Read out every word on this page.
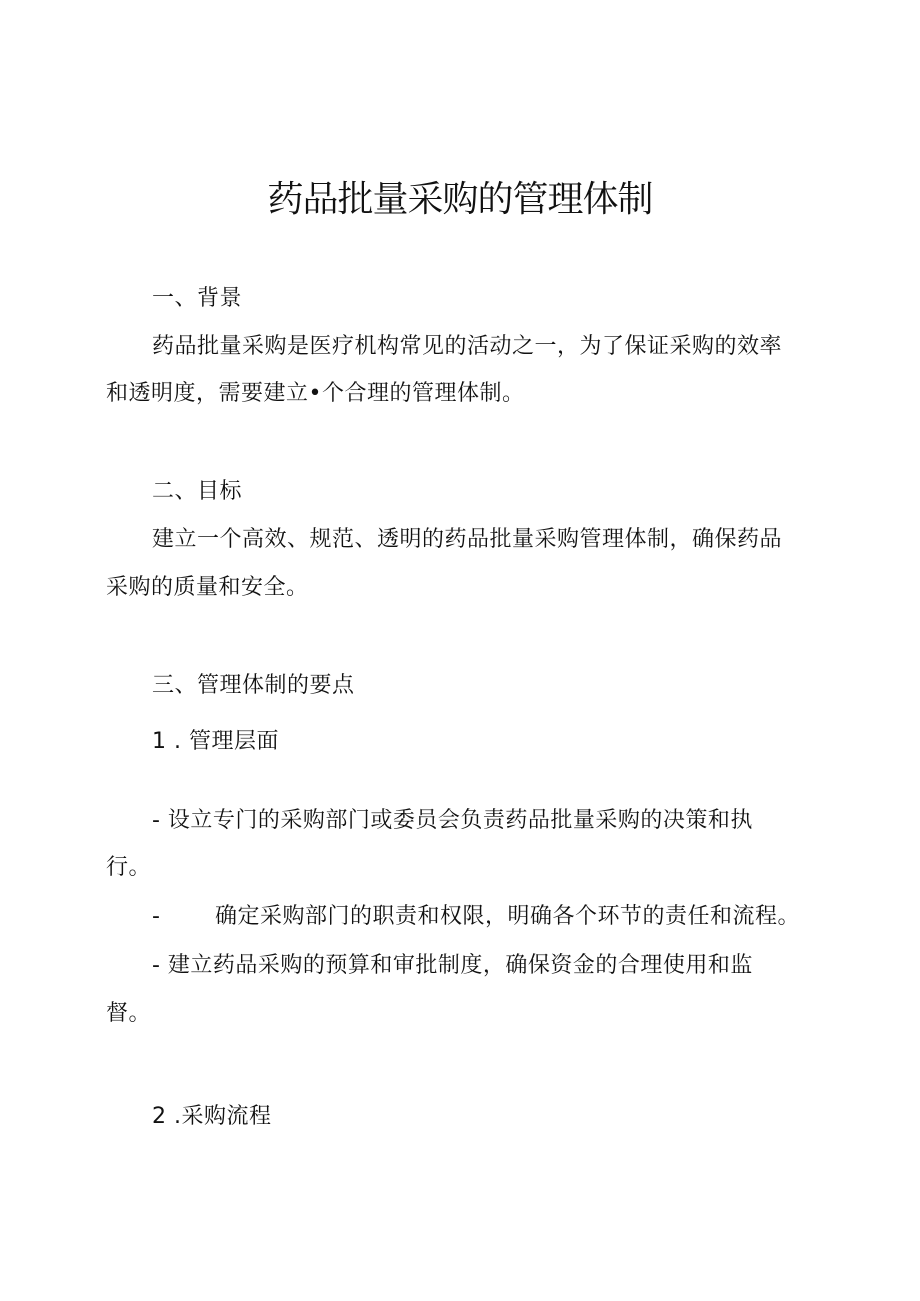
药品批量采购的管理体制
一、背景
药品批量采购是医疗机构常见的活动之一，为了保证采购的效率
和透明度，需要建立•个合理的管理体制。
二、目标
建立一个高效、规范、透明的药品批量采购管理体制，确保药品
采购的质量和安全。
三、管理体制的要点
1 . 管理层面
- 设立专门的采购部门或委员会负责药品批量采购的决策和执
行。
- 确定采购部门的职责和权限，明确各个环节的责任和流程。
- 建立药品采购的预算和审批制度，确保资金的合理使用和监
督。
2 .采购流程
